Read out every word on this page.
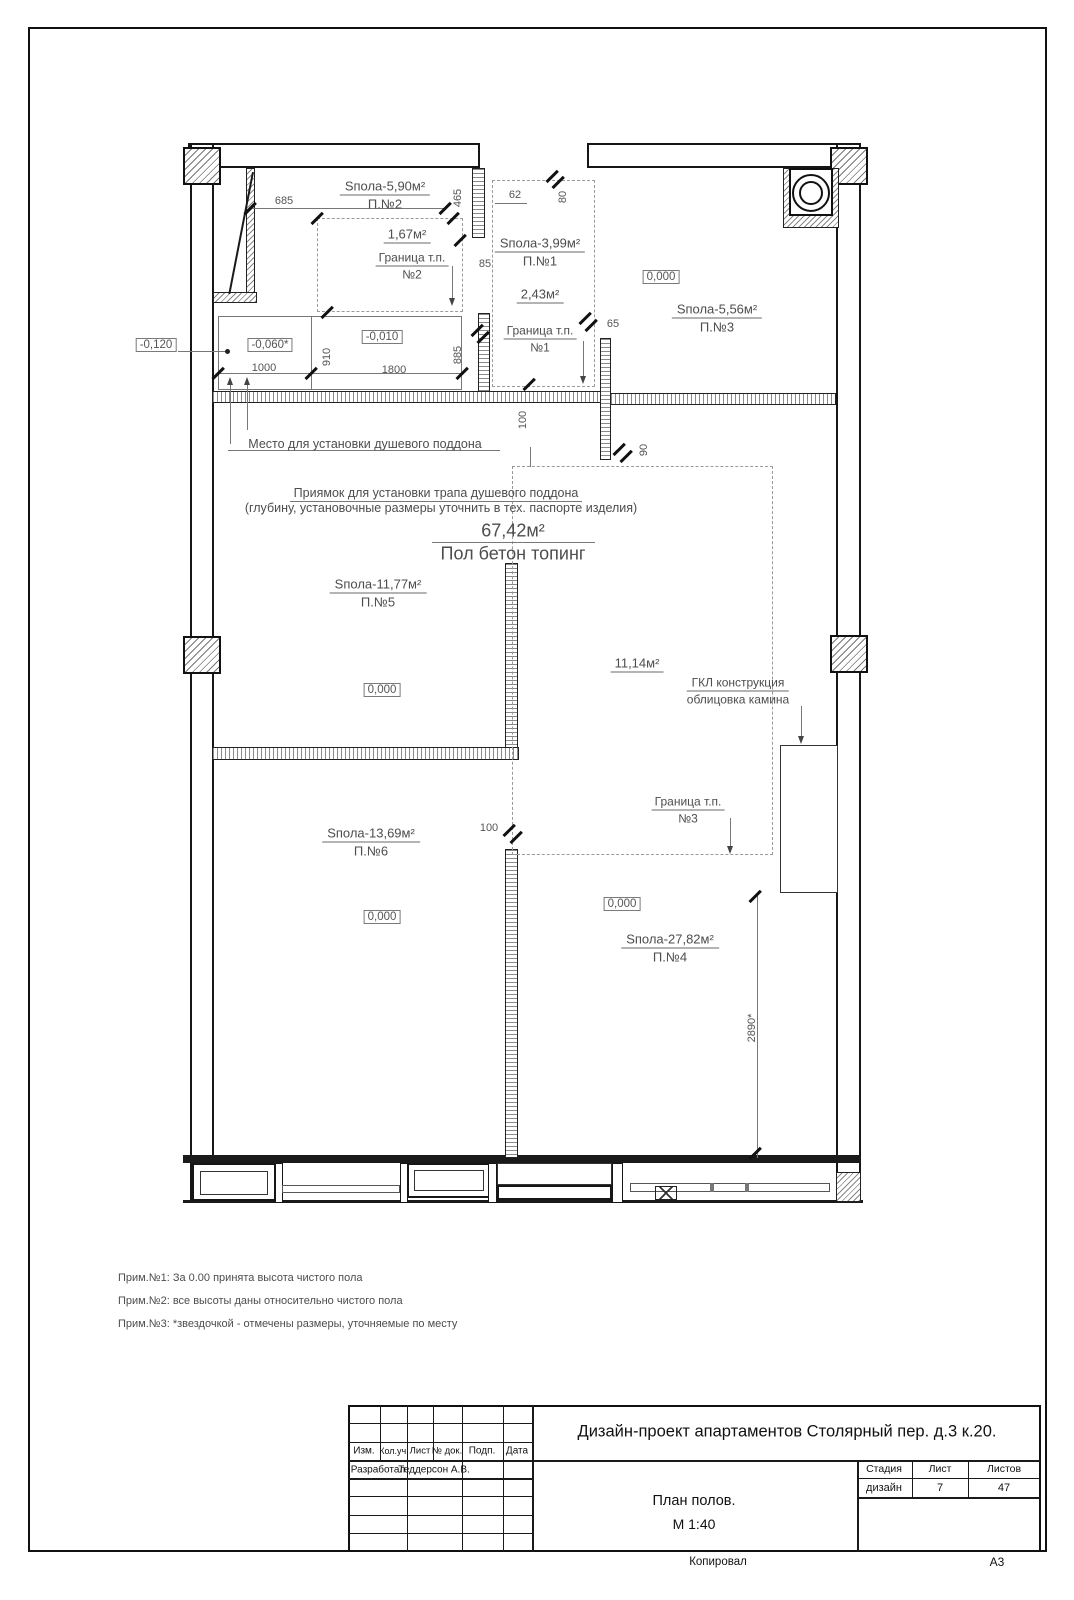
Sпола-5,90м²
П.№2
Sпола-3,99м²
П.№1
Sпола-5,56м²
П.№3
Sпола-11,77м²
П.№5
Sпола-13,69м²
П.№6
Sпола-27,82м²
П.№4
1,67м²
2,43м²
11,14м²
-0,120	-0,060*
-0,010
0,000
0,000
0,000
0,000
685	465	62	80
85
65
910
1000	1800
885
100
90
100
2890*
Граница т.п.
№2
Граница т.п.
№1
ГКЛ конструкция
облицовка камина
Граница т.п.
№3
Место для установки душевого поддона
Приямок для установки трапа душевого поддона
(глубину, установочные размеры уточнить в тех. паспорте изделия)
67,42м²
Пол бетон топинг
Прим.№1: За 0.00 принята высота чистого пола
Прим.№2: все высоты даны относительно чистого пола
Прим.№3: *звездочкой - отмечены размеры, уточняемые по месту
Изм. Кол.уч. Лист № док. Подп. Дата
Разработал
Теддерсон А.В.
Дизайн-проект апартаментов Столярный пер. д.3 к.20.
План полов.
М 1:40
Стадия	Лист	Листов
дизайн	7	47
Копировал	А3
